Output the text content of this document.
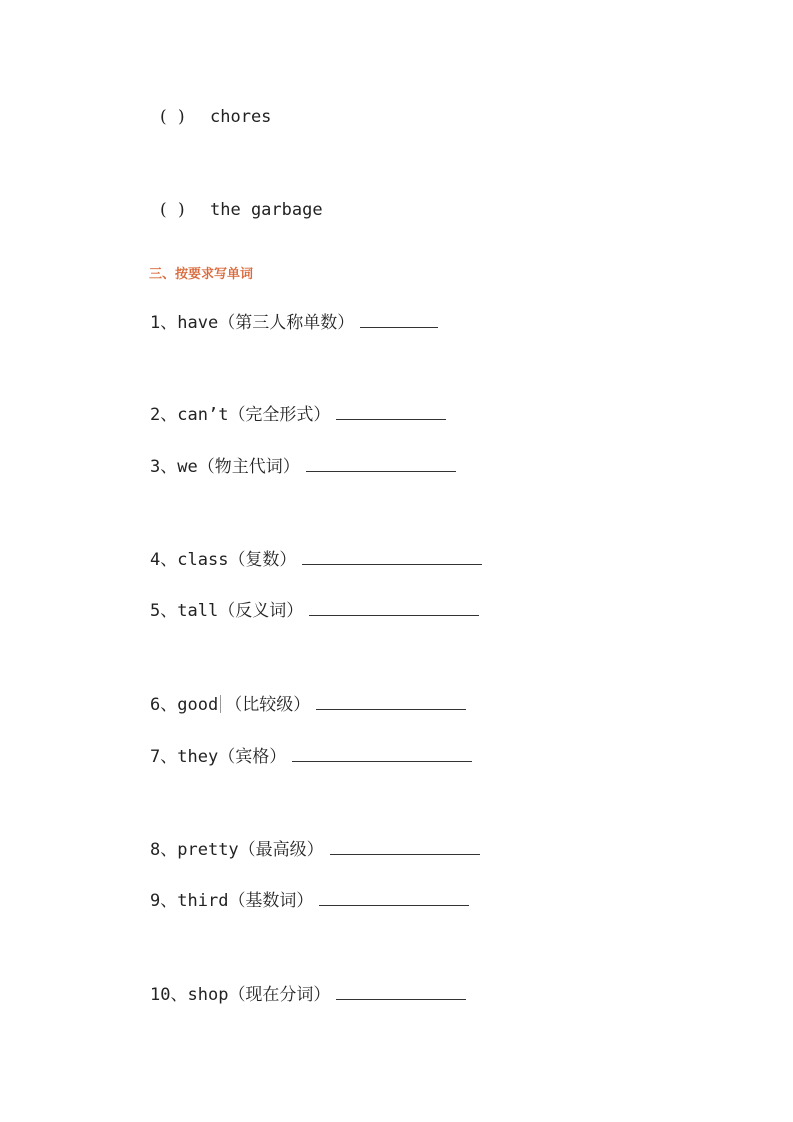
( ) chores
( ) the garbage
三、按要求写单词
1、have（第三人称单数）
2、can’t（完全形式）
3、we（物主代词）
4、class（复数）
5、tall（反义词）
6、good （比较级）
7、they（宾格）
8、pretty（最高级）
9、third（基数词）
10、shop（现在分词）
